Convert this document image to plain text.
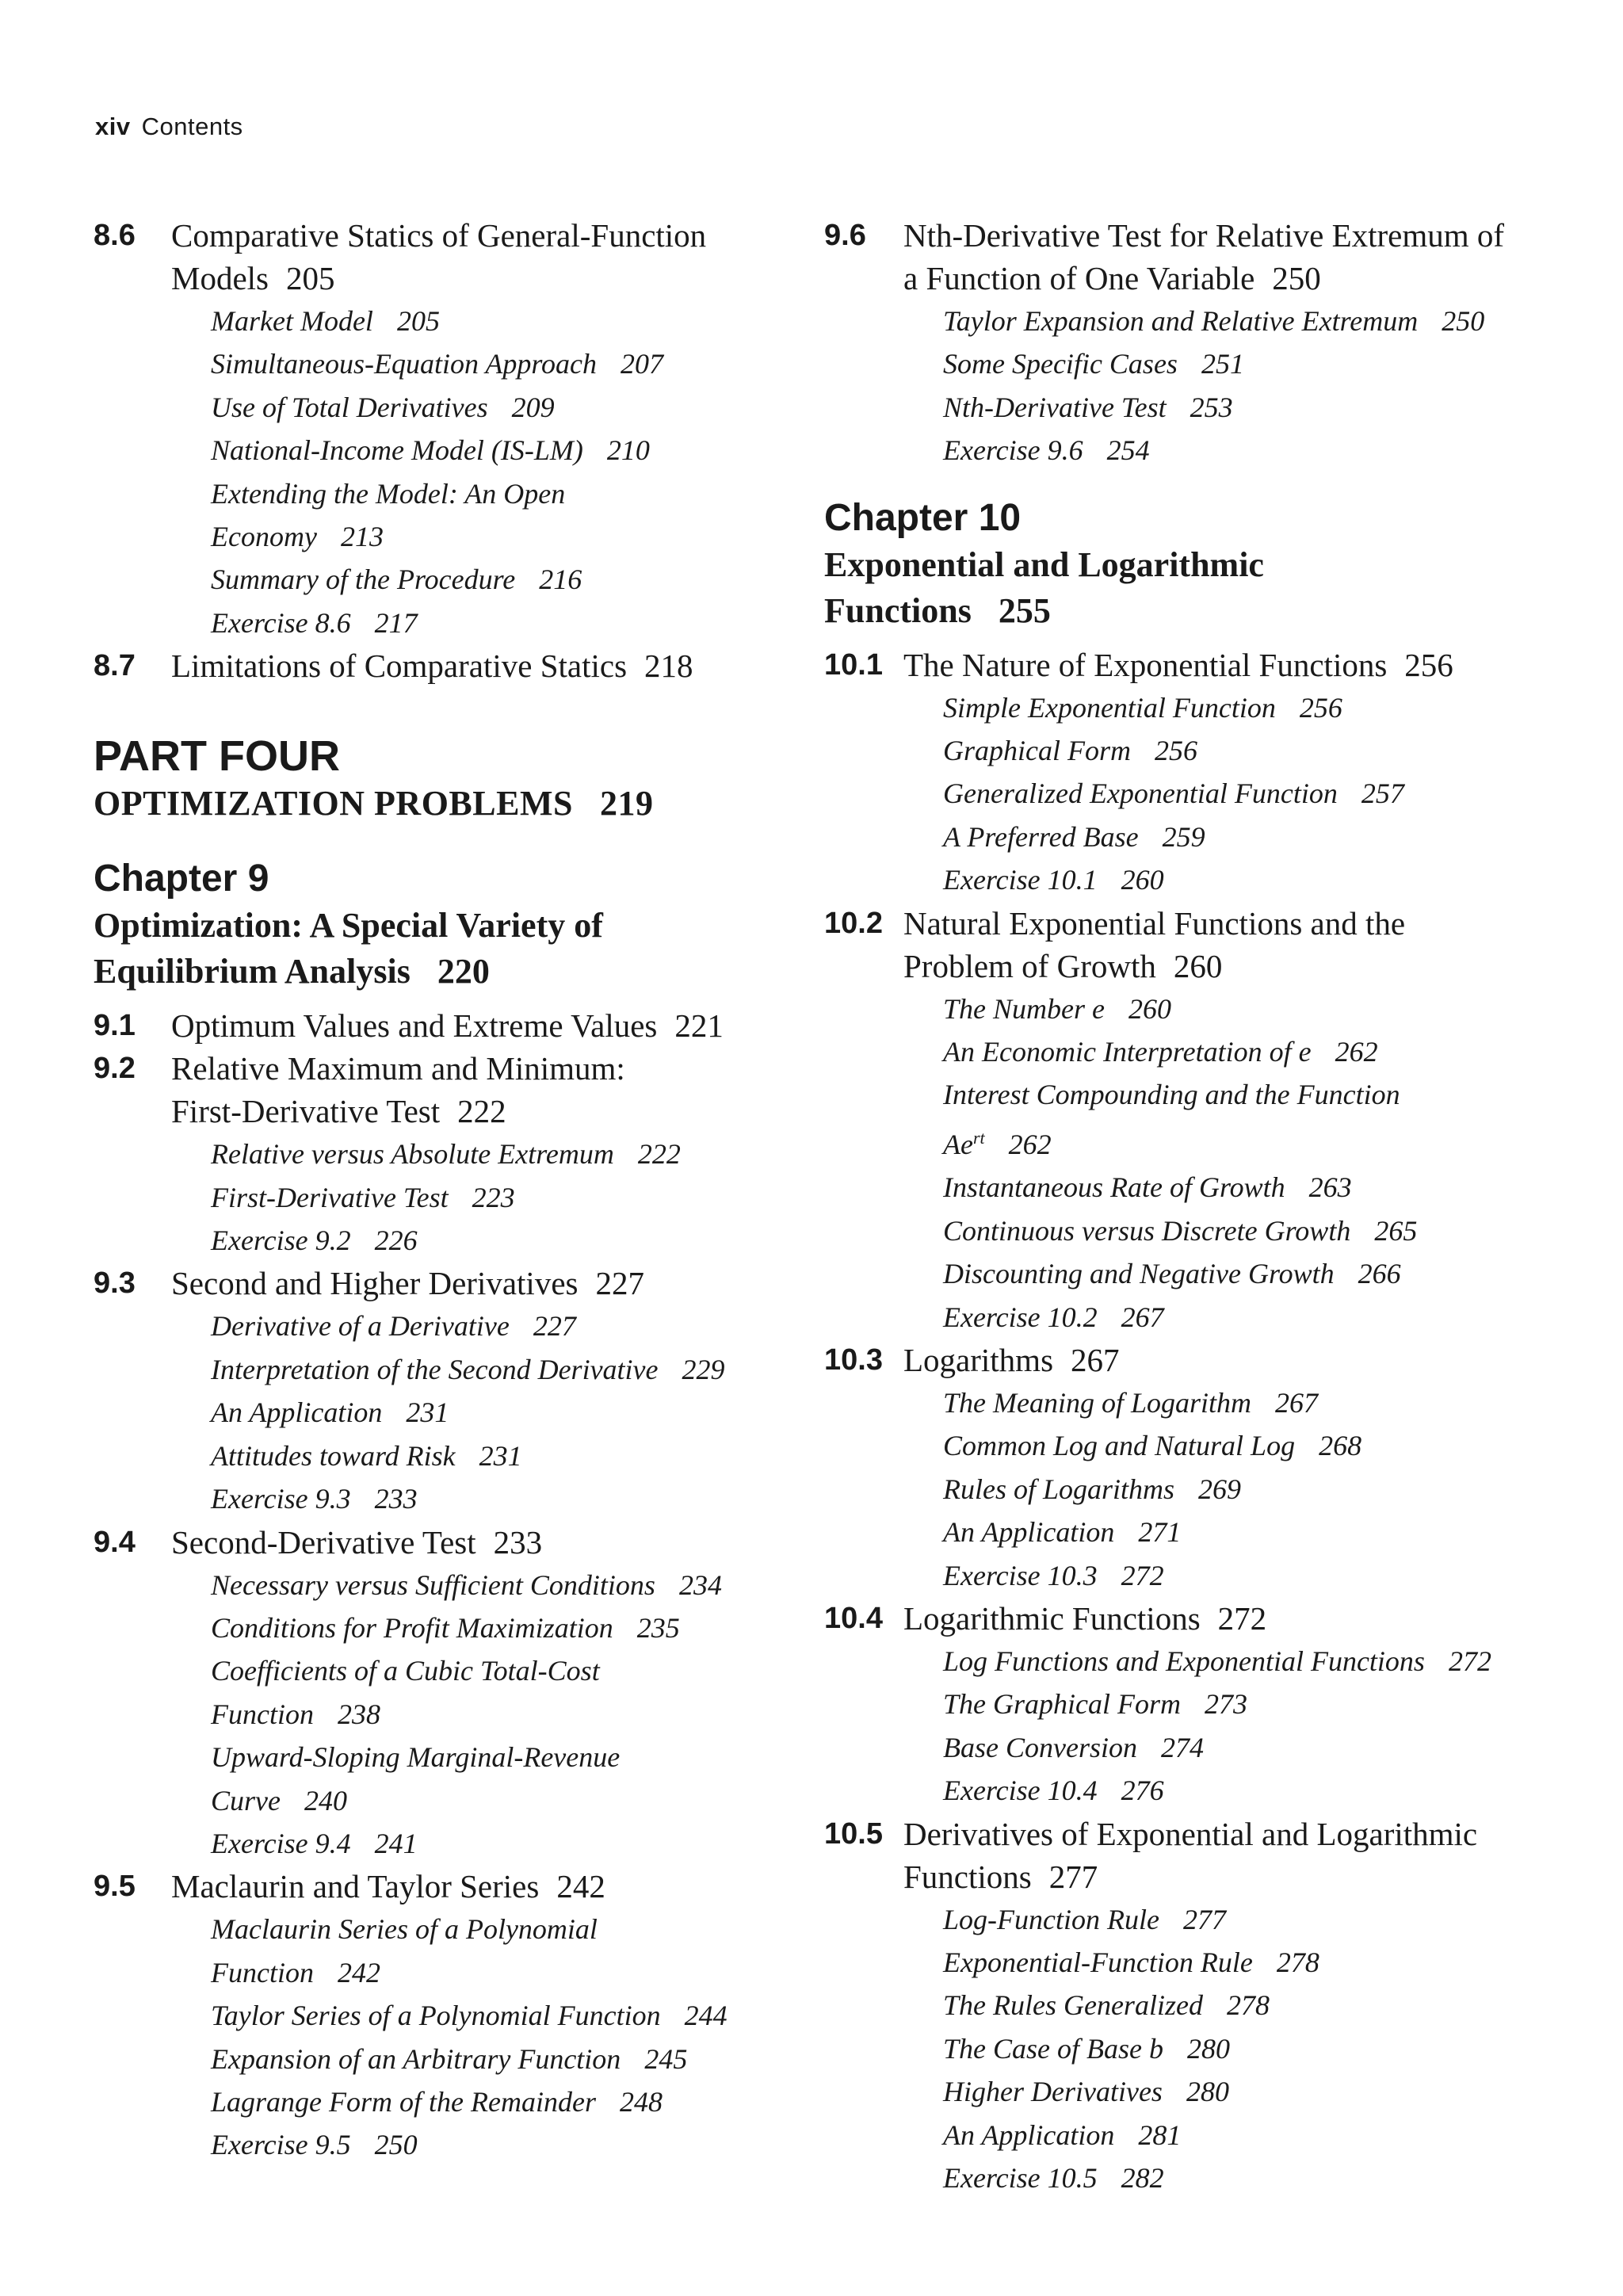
xiv Contents
8.6	Comparative Statics of General-Function
Models 205
Market Model 205
Simultaneous-Equation Approach 207
Use of Total Derivatives 209
National-Income Model (IS-LM) 210
Extending the Model: An Open
Economy 213
Summary of the Procedure 216
Exercise 8.6 217
8.7	Limitations of Comparative Statics 218
PART FOUR
OPTIMIZATION PROBLEMS 219
Chapter 9
Optimization: A Special Variety of
Equilibrium Analysis 220
9.1	Optimum Values and Extreme Values 221
9.2	Relative Maximum and Minimum:
First-Derivative Test 222
Relative versus Absolute Extremum 222
First-Derivative Test 223
Exercise 9.2 226
9.3	Second and Higher Derivatives 227
Derivative of a Derivative 227
Interpretation of the Second Derivative 229
An Application 231
Attitudes toward Risk 231
Exercise 9.3 233
9.4	Second-Derivative Test 233
Necessary versus Sufficient Conditions 234
Conditions for Profit Maximization 235
Coefficients of a Cubic Total-Cost
Function 238
Upward-Sloping Marginal-Revenue
Curve 240
Exercise 9.4 241
9.5	Maclaurin and Taylor Series 242
Maclaurin Series of a Polynomial
Function 242
Taylor Series of a Polynomial Function 244
Expansion of an Arbitrary Function 245
Lagrange Form of the Remainder 248
Exercise 9.5 250
9.6	Nth-Derivative Test for Relative Extremum of
a Function of One Variable 250
Taylor Expansion and Relative Extremum 250
Some Specific Cases 251
Nth-Derivative Test 253
Exercise 9.6 254
Chapter 10
Exponential and Logarithmic
Functions 255
10.1 The Nature of Exponential Functions 256
Simple Exponential Function 256
Graphical Form 256
Generalized Exponential Function 257
A Preferred Base 259
Exercise 10.1 260
10.2 Natural Exponential Functions and the
Problem of Growth 260
The Number e 260
An Economic Interpretation of e 262
Interest Compounding and the Function
$Ae^{rt}$ 262
Instantaneous Rate of Growth 263
Continuous versus Discrete Growth 265
Discounting and Negative Growth 266
Exercise 10.2 267
10.3 Logarithms 267
The Meaning of Logarithm 267
Common Log and Natural Log 268
Rules of Logarithms 269
An Application 271
Exercise 10.3 272
10.4 Logarithmic Functions 272
Log Functions and Exponential Functions 272
The Graphical Form 273
Base Conversion 274
Exercise 10.4 276
10.5 Derivatives of Exponential and Logarithmic
Functions 277
Log-Function Rule 277
Exponential-Function Rule 278
The Rules Generalized 278
The Case of Base b 280
Higher Derivatives 280
An Application 281
Exercise 10.5 282
